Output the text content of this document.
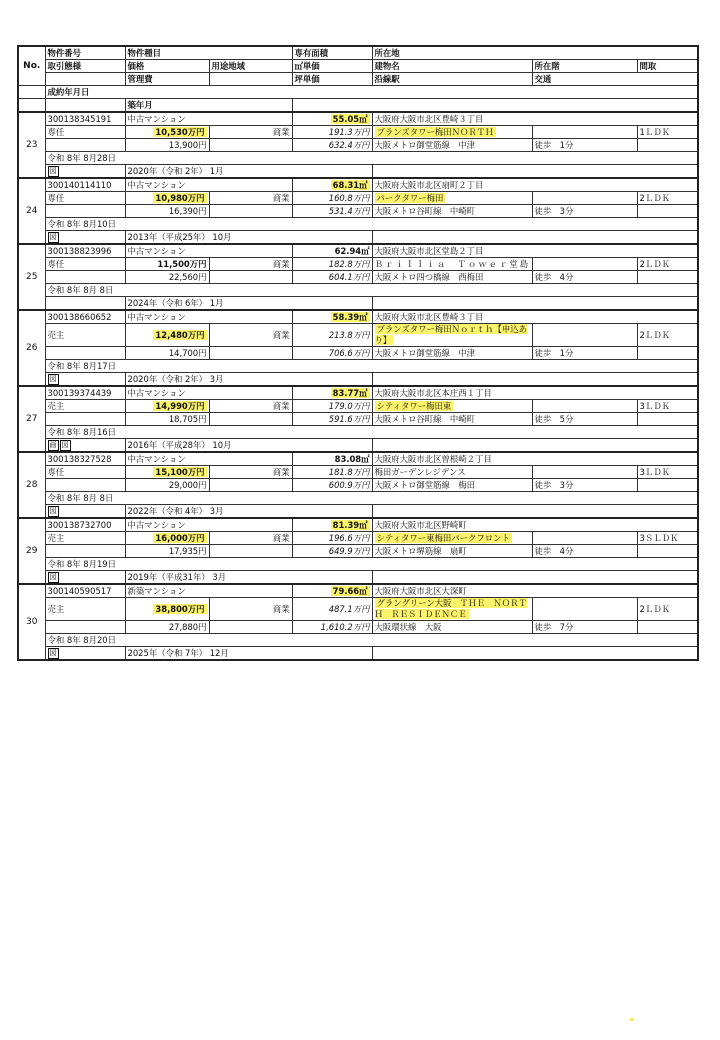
No.	物件番号	物件種目		専有面積	所在地		
	取引態様	価格	用途地域	㎡単価	建物名	所在階	間取
		管理費		坪単価	沿線駅	交通	
	成約年月日						
		築年月					
23	300138345191	中古マンション		55.05㎡	大阪府大阪市北区豊崎３丁目		
	専任	10,530万円	商業	191.3万円	ブランズタワー梅田ＮＯＲＴＨ		1ＬＤＫ
		13,900円		632.4万円	大阪メトロ御堂筋線　中津	徒歩　1分	
	令和 8年 8月28日						
	図	2020年（令和 2年） 1月					
24	300140114110	中古マンション		68.31㎡	大阪府大阪市北区扇町２丁目		
	専任	10,980万円	商業	160.8万円	パークタワー梅田		2ＬＤＫ
		16,390円		531.4万円	大阪メトロ谷町線　中崎町	徒歩　3分	
	令和 8年 8月10日						
	図	2013年（平成25年） 10月					
25	300138823996	中古マンション		62.94㎡	大阪府大阪市北区堂島２丁目		
	専任	11,500万円	商業	182.8万円	Ｂｒｉｌｌｉａ　Ｔｏｗｅｒ堂島		2ＬＤＫ
		22,560円		604.1万円	大阪メトロ四つ橋線　西梅田	徒歩　4分	
	令和 8年 8月 8日						
		2024年（令和 6年） 1月					
26	300138660652	中古マンション		58.39㎡	大阪府大阪市北区豊崎３丁目		
	売主	12,480万円	商業	213.8万円	ブランズタワー梅田Ｎｏｒｔｈ【申込あり】		2ＬＤＫ
		14,700円		706.6万円	大阪メトロ御堂筋線　中津	徒歩　1分	
	令和 8年 8月17日						
	図	2020年（令和 2年） 3月					
27	300139374439	中古マンション		83.77㎡	大阪府大阪市北区本庄西１丁目		
	売主	14,990万円	商業	179.0万円	シティタワー梅田東		3ＬＤＫ
		18,705円		591.6万円	大阪メトロ谷町線　中崎町	徒歩　5分	
	令和 8年 8月16日						
	画 図	2016年（平成28年） 10月					
28	300138327528	中古マンション		83.08㎡	大阪府大阪市北区曽根崎２丁目		
	専任	15,100万円	商業	181.8万円	梅田ガーデンレジデンス		3ＬＤＫ
		29,000円		600.9万円	大阪メトロ御堂筋線　梅田	徒歩　3分	
	令和 8年 8月 8日						
	図	2022年（令和 4年） 3月					
29	300138732700	中古マンション		81.39㎡	大阪府大阪市北区野崎町		
	売主	16,000万円	商業	196.6万円	シティタワー東梅田パークフロント		3ＳＬＤＫ
		17,935円		649.9万円	大阪メトロ堺筋線　扇町	徒歩　4分	
	令和 8年 8月19日						
	図	2019年（平成31年） 3月					
30	300140590517	新築マンション		79.66㎡	大阪府大阪市北区大深町		
	売主	38,800万円	商業	487.1万円	グラングリーン大阪　ＴＨＥ　ＮＯＲＴＨ　ＲＥＳＩＤＥＮＣＥ		2ＬＤＫ
		27,880円		1,610.2万円	大阪環状線　大阪	徒歩　7分	
	令和 8年 8月20日						
	図	2025年（令和 7年） 12月					
